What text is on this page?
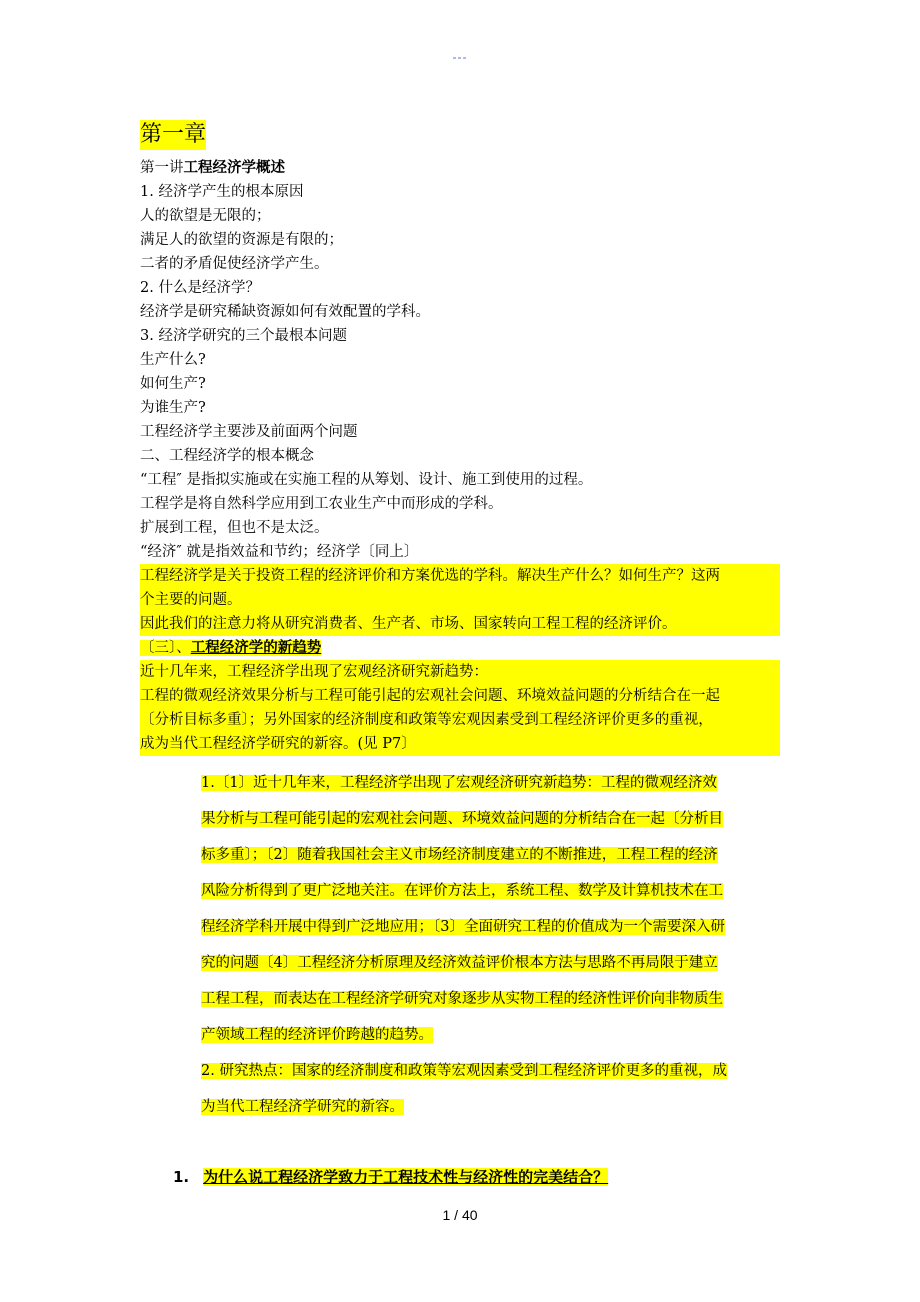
---
第一章
第一讲工程经济学概述
1. 经济学产生的根本原因
人的欲望是无限的；
满足人的欲望的资源是有限的；
二者的矛盾促使经济学产生。
2. 什么是经济学？
经济学是研究稀缺资源如何有效配置的学科。
3. 经济学研究的三个最根本问题
生产什么?
如何生产?
为谁生产?
工程经济学主要涉及前面两个问题
二、工程经济学的根本概念
“工程″ 是指拟实施或在实施工程的从筹划、设计、施工到使用的过程。
工程学是将自然科学应用到工农业生产中而形成的学科。
扩展到工程，但也不是太泛。
“经济″ 就是指效益和节约；经济学〔同上〕
工程经济学是关于投资工程的经济评价和方案优选的学科。解决生产什么？如何生产？这两
个主要的问题。
因此我们的注意力将从研究消费者、生产者、市场、国家转向工程工程的经济评价。
〔三〕、工程经济学的新趋势
近十几年来，工程经济学出现了宏观经济研究新趋势：
工程的微观经济效果分析与工程可能引起的宏观社会问题、环境效益问题的分析结合在一起
〔分析目标多重〕；另外国家的经济制度和政策等宏观因素受到工程经济评价更多的重视，
成为当代工程经济学研究的新容。(见 P7〕
1.〔1〕近十几年来，工程经济学出现了宏观经济研究新趋势：工程的微观经济效
果分析与工程可能引起的宏观社会问题、环境效益问题的分析结合在一起〔分析目
标多重〕；〔2〕随着我国社会主义市场经济制度建立的不断推进，工程工程的经济
风险分析得到了更广泛地关注。在评价方法上，系统工程、数学及计算机技术在工
程经济学科开展中得到广泛地应用；〔3〕全面研究工程的价值成为一个需要深入研
究的问题〔4〕工程经济分析原理及经济效益评价根本方法与思路不再局限于建立
工程工程，而表达在工程经济学研究对象逐步从实物工程的经济性评价向非物质生
产领域工程的经济评价跨越的趋势。
2. 研究热点：国家的经济制度和政策等宏观因素受到工程经济评价更多的重视，成
为当代工程经济学研究的新容。
1. 为什么说工程经济学致力于工程技术性与经济性的完美结合？
1 / 40
